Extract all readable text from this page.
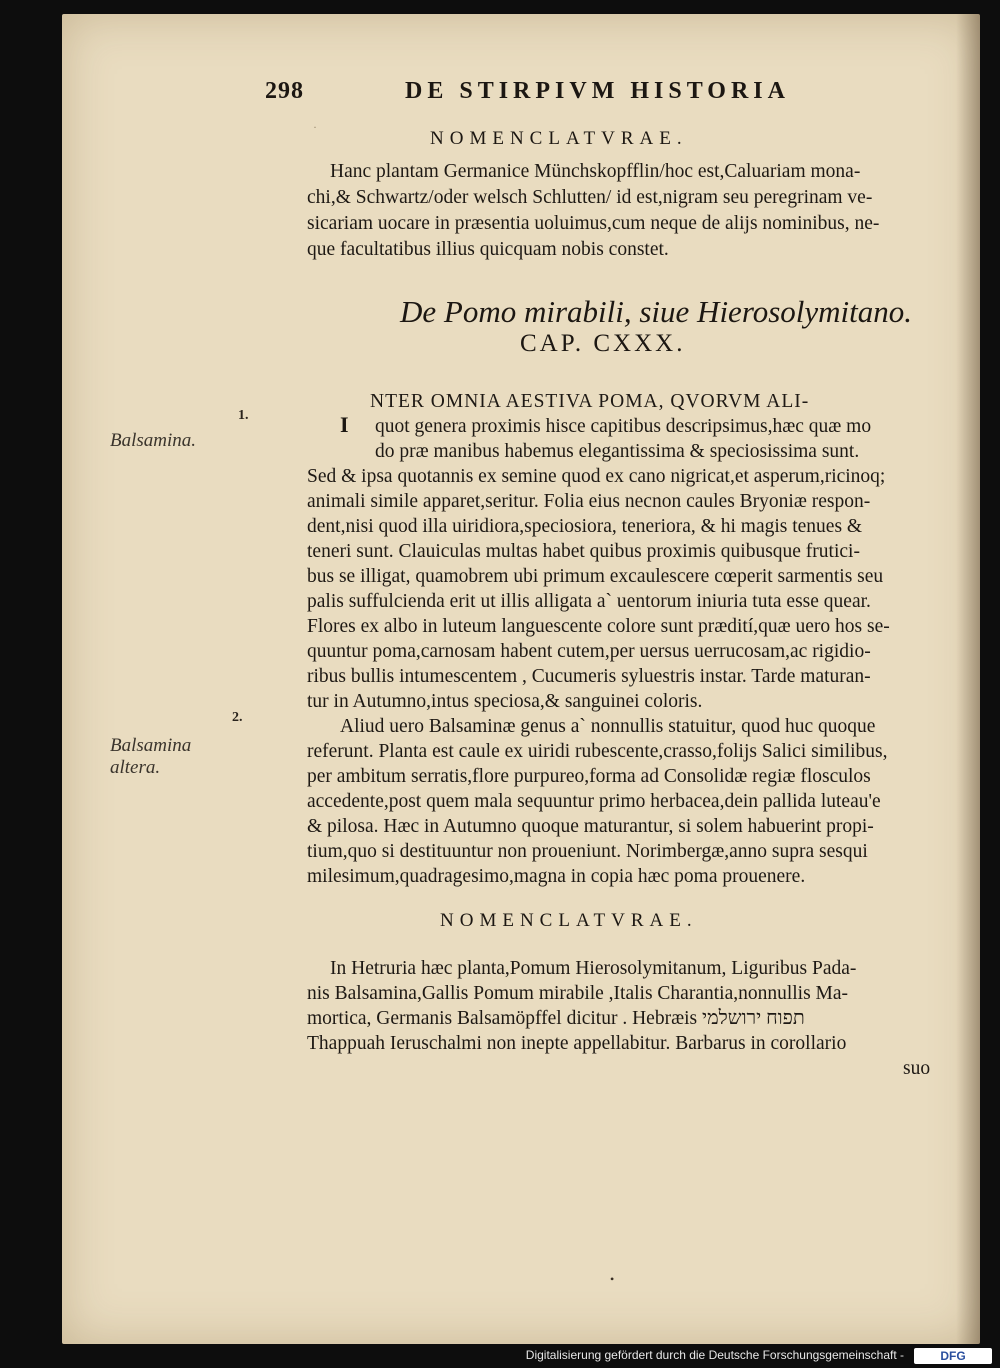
298	DE STIRPIVM HISTORIA
NOMENCLATVRAE.
Hanc plantam Germanice Münchskopfflin/hoc est,Caluariam mona-
chi,& Schwartz/oder welsch Schlutten/ id est,nigram seu peregrinam ve-
sicariam uocare in præsentia uoluimus,cum neque de alijs nominibus, ne-
que facultatibus illius quicquam nobis constet.
De Pomo mirabili, siue Hierosolymitano.
CAP. CXXX.
I
NTER OMNIA AESTIVA POMA, QVORVM ALI-
quot genera proximis hisce capitibus descripsimus,hæc quæ mo
do præ manibus habemus elegantissima & speciosissima sunt.
Sed & ipsa quotannis ex semine quod ex cano nigricat,et asperum,ricinoq;
animali simile apparet,seritur. Folia eius necnon caules Bryoniæ respon-
dent,nisi quod illa uiridiora,speciosiora, teneriora, & hi magis tenues &
teneri sunt. Clauiculas multas habet quibus proximis quibusque frutici-
bus se illigat, quamobrem ubi primum excaulescere cœperit sarmentis seu
palis suffulcienda erit ut illis alligata a` uentorum iniuria tuta esse quear.
Flores ex albo in luteum languescente colore sunt prædití,quæ uero hos se-
quuntur poma,carnosam habent cutem,per uersus uerrucosam,ac rigidio-
ribus bullis intumescentem , Cucumeris syluestris instar. Tarde maturan-
tur in Autumno,intus speciosa,& sanguinei coloris.
Aliud uero Balsaminæ genus a` nonnullis statuitur, quod huc quoque
referunt. Planta est caule ex uiridi rubescente,crasso,folijs Salici similibus,
per ambitum serratis,flore purpureo,forma ad Consolidæ regiæ flosculos
accedente,post quem mala sequuntur primo herbacea,dein pallida luteau'e
& pilosa. Hæc in Autumno quoque maturantur, si solem habuerint propi-
tium,quo si destituuntur non proueniunt. Norimbergæ,anno supra sesqui
milesimum,quadragesimo,magna in copia hæc poma prouenere.
NOMENCLATVRAE.
In Hetruria hæc planta,Pomum Hierosolymitanum, Liguribus Pada-
nis Balsamina,Gallis Pomum mirabile ,Italis Charantia,nonnullis Ma-
mortica, Germanis Balsamöpffel dicitur . Hebræis תפוח ירושלמי
Thappuah Ieruschalmi non inepte appellabitur. Barbarus in corollario
suo
1.
Balsamina.
2.
Balsamina altera.
·
•
Digitalisierung gefördert durch die Deutsche Forschungsgemeinschaft -	DFG
